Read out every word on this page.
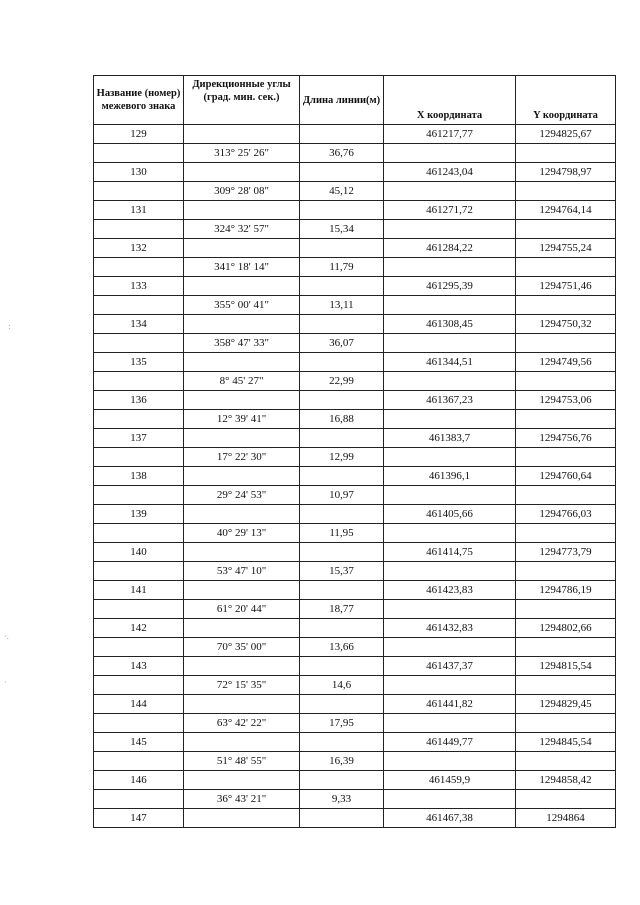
Название (номер) межевого знака	Дирекционные углы (град. мин. сек.)	Длина линии(м)	X координата	Y координата
129			461217,77	1294825,67
	313° 25' 26"	36,76		
130			461243,04	1294798,97
	309° 28' 08"	45,12		
131			461271,72	1294764,14
	324° 32' 57"	15,34		
132			461284,22	1294755,24
	341° 18' 14"	11,79		
133			461295,39	1294751,46
	355° 00' 41"	13,11		
134			461308,45	1294750,32
	358° 47' 33"	36,07		
135			461344,51	1294749,56
	8° 45' 27"	22,99		
136			461367,23	1294753,06
	12° 39' 41"	16,88		
137			461383,7	1294756,76
	17° 22' 30"	12,99		
138			461396,1	1294760,64
	29° 24' 53"	10,97		
139			461405,66	1294766,03
	40° 29' 13"	11,95		
140			461414,75	1294773,79
	53° 47' 10"	15,37		
141			461423,83	1294786,19
	61° 20' 44"	18,77		
142			461432,83	1294802,66
	70° 35' 00"	13,66		
143			461437,37	1294815,54
	72° 15' 35"	14,6		
144			461441,82	1294829,45
	63° 42' 22"	17,95		
145			461449,77	1294845,54
	51° 48' 55"	16,39		
146			461459,9	1294858,42
	36° 43' 21"	9,33		
147			461467,38	1294864
:
·.
·
